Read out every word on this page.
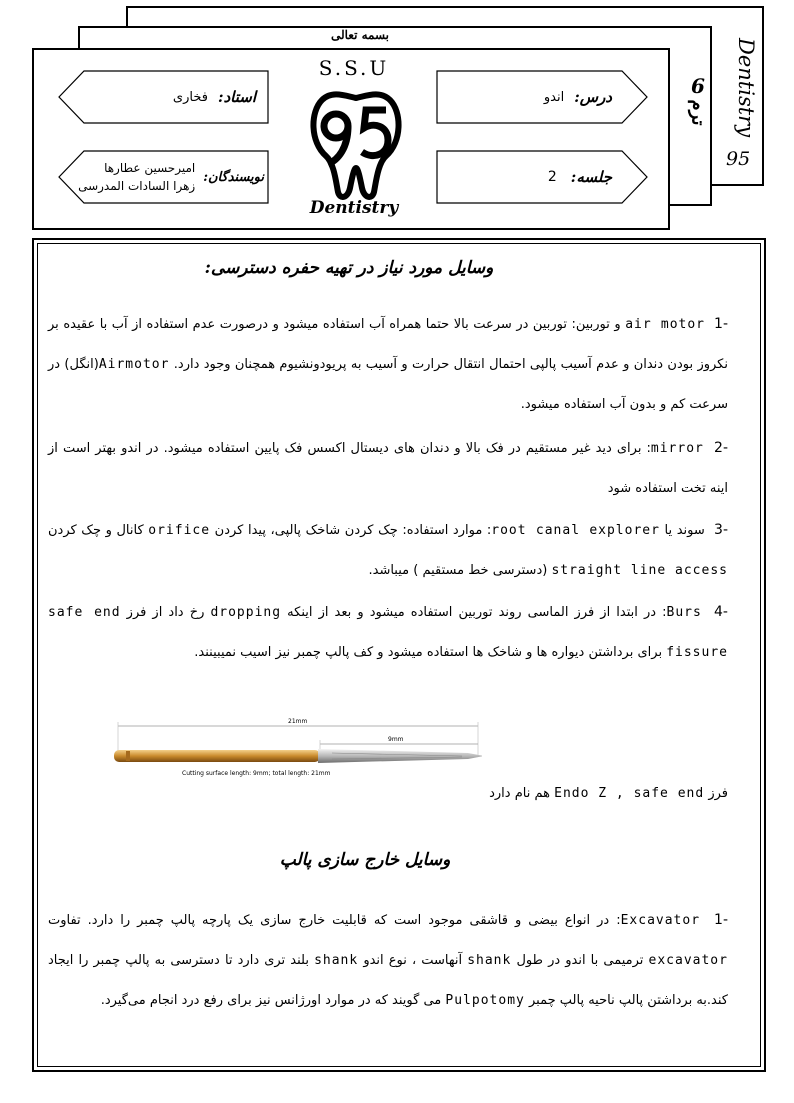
بسمه تعالی
Dentistry
95
6
ترم
استاد:
فخاری
نویسندگان:
امیرحسین عطارها
زهرا السادات المدرسی
درس:
اندو
جلسه:
2
S.S.U
Dentistry
وسایل مورد نیاز در تهیه حفره دسترسی:
-1  air motor و توربین: توربین در سرعت بالا حتما همراه آب استفاده میشود و درصورت عدم استفاده از آب با عقیده بر نکروز بودن دندان و عدم آسیب پالپی احتمال انتقال حرارت و آسیب به پریودونشیوم همچنان وجود دارد. Airmotor(انگل) در سرعت کم و بدون آب استفاده میشود.
-2  mirror: برای دید غیر مستقیم در فک بالا و دندان های دیستال اکسس فک پایین استفاده میشود. در اندو بهتر است از اینه تخت استفاده شود
-3  سوند یا root canal explorer: موارد استفاده: چک کردن شاخک پالپی، پیدا کردن orifice کانال و چک کردن straight line access (دسترسی خط مستقیم ) میباشد.
-4  Burs: در ابتدا از فرز الماسی روند توربین استفاده میشود و بعد از اینکه dropping رخ داد از فرز safe end fissure برای برداشتن دیواره ها و شاخک ها استفاده میشود و کف پالپ چمبر نیز اسیب نمیبینند.
21mm
9mm
Cutting surface length: 9mm; total length: 21mm
فرز Endo Z , safe end هم نام دارد
وسایل خارج سازی پالپ
-1  Excavator: در انواع بیضی و قاشقی موجود است که قابلیت خارج سازی یک پارچه پالپ چمبر را دارد. تفاوت excavator ترمیمی با اندو در طول shank آنهاست ، نوع اندو shank بلند تری دارد تا دسترسی به پالپ چمبر را ایجاد کند.به برداشتن پالپ ناحیه پالپ چمبر Pulpotomy می گویند که در موارد اورژانس نیز برای رفع درد انجام می‌گیرد.
